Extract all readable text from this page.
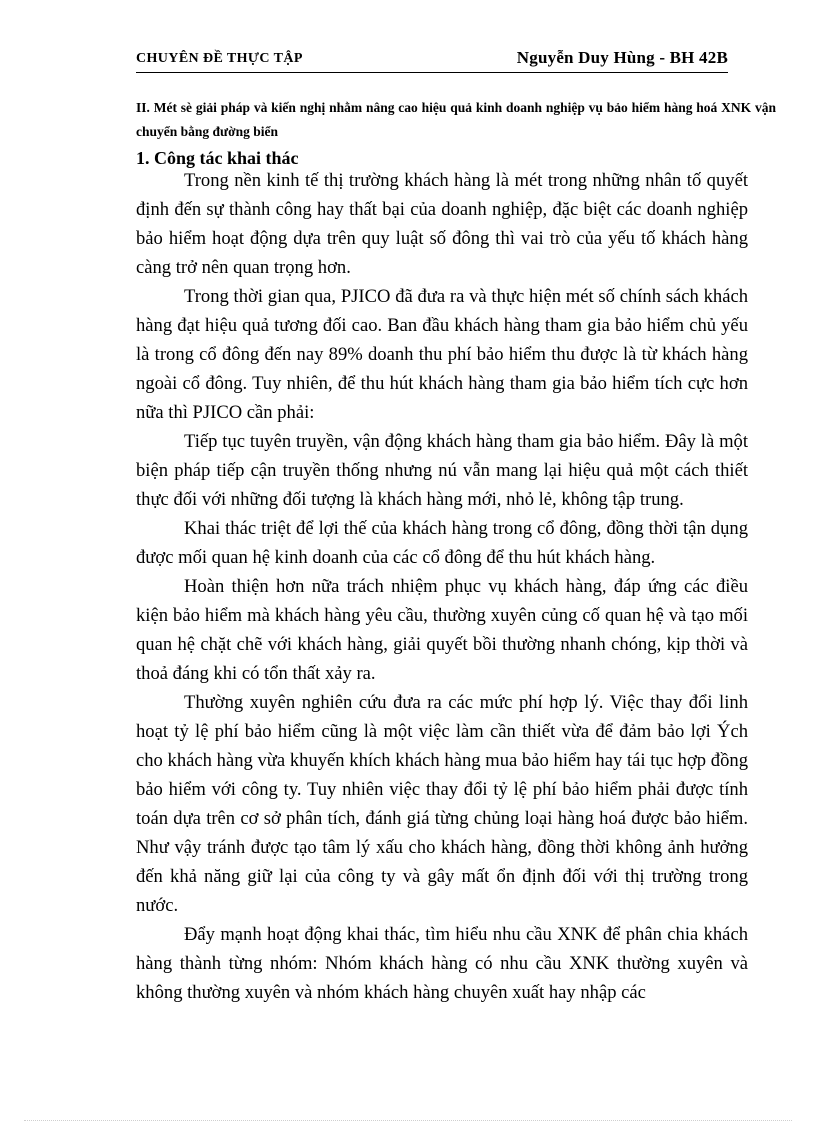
CHUYÊN ĐỀ THỰC TẬP	Nguyễn Duy Hùng - BH 42B
II. Mét sè giải pháp và kiến nghị nhằm nâng cao hiệu quả kinh doanh nghiệp vụ bảo hiểm hàng hoá XNK vận chuyển bằng đường biển
1. Công tác khai thác

Trong nền kinh tế thị trường khách hàng là mét trong những nhân tố quyết định đến sự thành công hay thất bại của doanh nghiệp, đặc biệt các doanh nghiệp bảo hiểm hoạt động dựa trên quy luật số đông thì vai trò của yếu tố khách hàng càng trở nên quan trọng hơn.

Trong thời gian qua, PJICO đã đưa ra và thực hiện mét số chính sách khách hàng đạt hiệu quả tương đối cao. Ban đầu khách hàng tham gia bảo hiểm chủ yếu là trong cổ đông đến nay 89% doanh thu phí bảo hiểm thu được là từ khách hàng ngoài cổ đông. Tuy nhiên, để thu hút khách hàng tham gia bảo hiểm tích cực hơn nữa thì PJICO cần phải:

Tiếp tục tuyên truyền, vận động khách hàng tham gia bảo hiểm. Đây là một biện pháp tiếp cận truyền thống nhưng nú vẫn mang lại hiệu quả một cách thiết thực đối với những đối tượng là khách hàng mới, nhỏ lẻ, không tập trung.

Khai thác triệt để lợi thế của khách hàng trong cổ đông, đồng thời tận dụng được mối quan hệ kinh doanh của các cổ đông để thu hút khách hàng.

Hoàn thiện hơn nữa trách nhiệm phục vụ khách hàng, đáp ứng các điều kiện bảo hiểm mà khách hàng yêu cầu, thường xuyên củng cố quan hệ và tạo mối quan hệ chặt chẽ với khách hàng, giải quyết bồi thường nhanh chóng, kịp thời và thoả đáng khi có tổn thất xảy ra.

Thường xuyên nghiên cứu đưa ra các mức phí hợp lý. Việc thay đổi linh hoạt tỷ lệ phí bảo hiểm cũng là một việc làm cần thiết vừa để đảm bảo lợi Ých cho khách hàng vừa khuyến khích khách hàng mua bảo hiểm hay tái tục hợp đồng bảo hiểm với công ty. Tuy nhiên việc thay đổi tỷ lệ phí bảo hiểm phải được tính toán dựa trên cơ sở phân tích, đánh giá từng chủng loại hàng hoá được bảo hiểm. Như vậy tránh được tạo tâm lý xấu cho khách hàng, đồng thời không ảnh hưởng đến khả năng giữ lại của công ty và gây mất ổn định đối với thị trường trong nước.

Đẩy mạnh hoạt động khai thác, tìm hiểu nhu cầu XNK để phân chia khách hàng thành từng nhóm: Nhóm khách hàng có nhu cầu XNK thường xuyên và không thường xuyên và nhóm khách hàng chuyên xuất hay nhập các
